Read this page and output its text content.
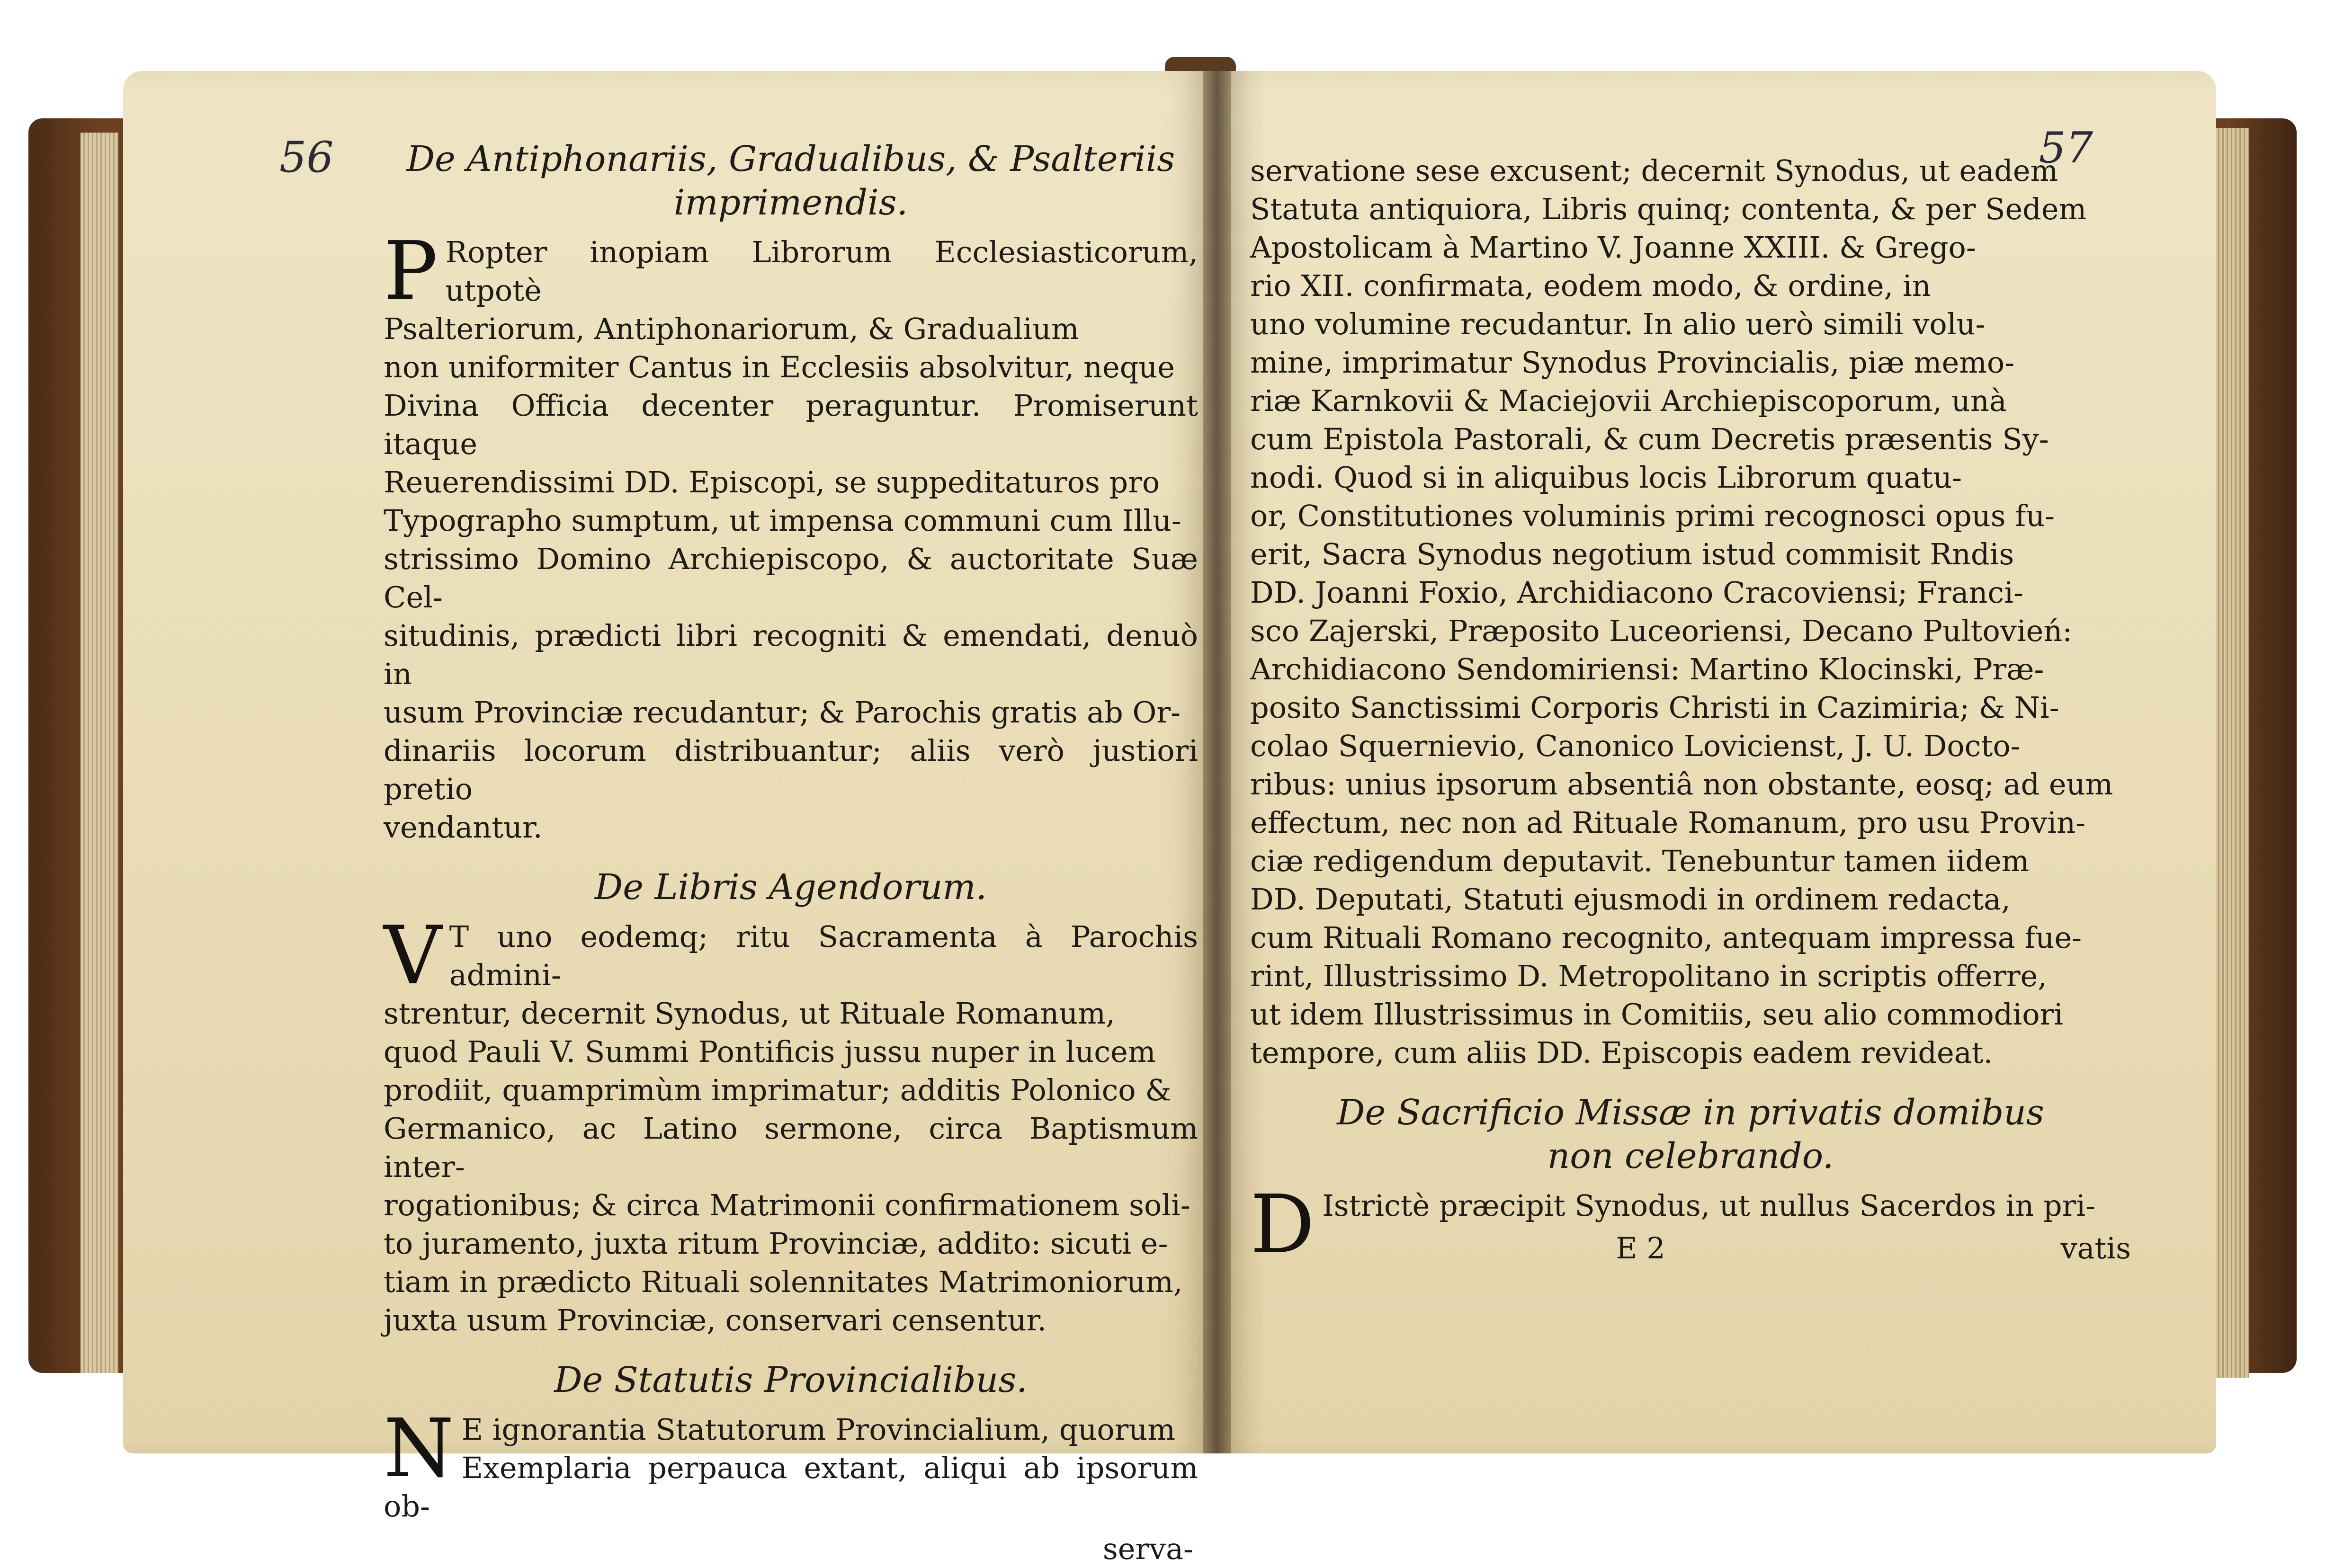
56	De Antiphonariis, Gradualibus, & Psalteriis
imprimendis.
P Ropter inopiam Librorum Ecclesiasticorum, utpotè
Psalteriorum, Antiphonariorum, & Gradualium
non uniformiter Cantus in Ecclesiis absolvitur, neque
Divina Officia decenter peraguntur. Promiserunt itaque
Reuerendissimi DD. Episcopi, se suppeditaturos pro
Typographo sumptum, ut impensa communi cum Illu-
strissimo Domino Archiepiscopo, & auctoritate Suæ Cel-
situdinis, prædicti libri recogniti & emendati, denuò in
usum Provinciæ recudantur; & Parochis gratis ab Or-
dinariis locorum distribuantur; aliis verò justiori pretio
vendantur.
De Libris Agendorum.
V T uno eodemq; ritu Sacramenta à Parochis admini-
strentur, decernit Synodus, ut Rituale Romanum,
quod Pauli V. Summi Pontificis jussu nuper in lucem
prodiit, quamprimùm imprimatur; additis Polonico &
Germanico, ac Latino sermone, circa Baptismum inter-
rogationibus; & circa Matrimonii confirmationem soli-
to juramento, juxta ritum Provinciæ, addito: sicuti e-
tiam in prædicto Rituali solennitates Matrimoniorum,
juxta usum Provinciæ, conservari censentur.
De Statutis Provincialibus.
N E ignorantia Statutorum Provincialium, quorum
Exemplaria perpauca extant, aliqui ab ipsorum ob-
serva-
57
servatione sese excusent; decernit Synodus, ut eadem
Statuta antiquiora, Libris quinq; contenta, & per Sedem
Apostolicam à Martino V. Joanne XXIII. & Grego-
rio XII. confirmata, eodem modo, & ordine, in
uno volumine recudantur. In alio uerò simili volu-
mine, imprimatur Synodus Provincialis, piæ memo-
riæ Karnkovii & Maciejovii Archiepiscoporum, unà
cum Epistola Pastorali, & cum Decretis præsentis Sy-
nodi. Quod si in aliquibus locis Librorum quatu-
or, Constitutiones voluminis primi recognosci opus fu-
erit, Sacra Synodus negotium istud commisit Rndis
DD. Joanni Foxio, Archidiacono Cracoviensi; Franci-
sco Zajerski, Præposito Luceoriensi, Decano Pultovień:
Archidiacono Sendomiriensi: Martino Klocinski, Præ-
posito Sanctissimi Corporis Christi in Cazimiria; & Ni-
colao Squernievio, Canonico Lovicienst, J. U. Docto-
ribus: unius ipsorum absentiâ non obstante, eosq; ad eum
effectum, nec non ad Rituale Romanum, pro usu Provin-
ciæ redigendum deputavit. Tenebuntur tamen iidem
DD. Deputati, Statuti ejusmodi in ordinem redacta,
cum Rituali Romano recognito, antequam impressa fue-
rint, Illustrissimo D. Metropolitano in scriptis offerre,
ut idem Illustrissimus in Comitiis, seu alio commodiori
tempore, cum aliis DD. Episcopis eadem revideat.
De Sacrificio Missæ in privatis domibus
non celebrando.
D Istrictè præcipit Synodus, ut nullus Sacerdos in pri-
E 2	vatis
